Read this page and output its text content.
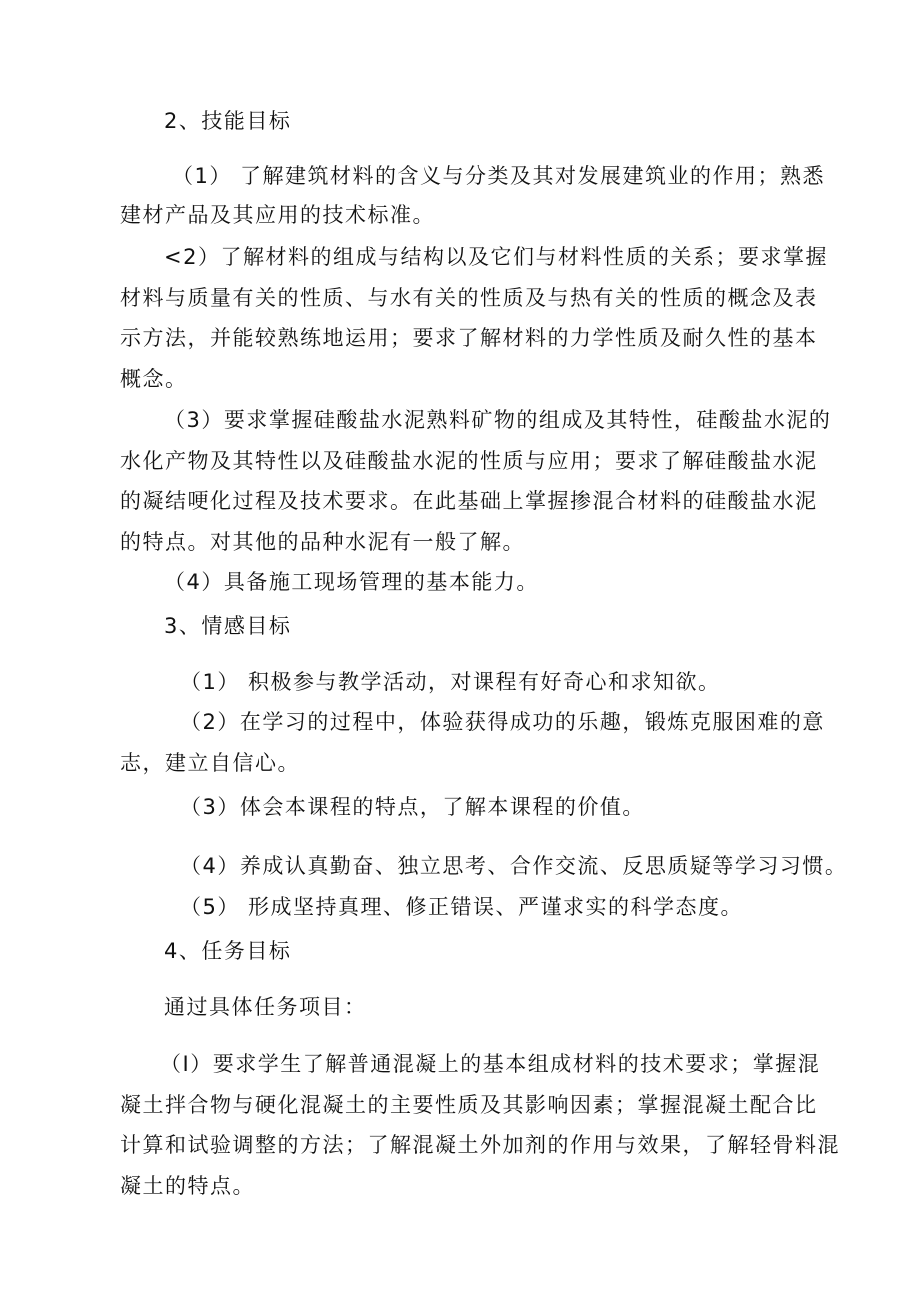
2、技能目标

（1） 了解建筑材料的含义与分类及其对发展建筑业的作用；熟悉

建材产品及其应用的技术标准。

<2）了解材料的组成与结构以及它们与材料性质的关系；要求掌握

材料与质量有关的性质、与水有关的性质及与热有关的性质的概念及表

示方法，并能较熟练地运用；要求了解材料的力学性质及耐久性的基本

概念。

（3）要求掌握硅酸盐水泥熟料矿物的组成及其特性，硅酸盐水泥的

水化产物及其特性以及硅酸盐水泥的性质与应用；要求了解硅酸盐水泥

的凝结哽化过程及技术要求。在此基础上掌握掺混合材料的硅酸盐水泥

的特点。对其他的品种水泥有一般了解。

（4）具备施工现场管理的基本能力。

3、情感目标

（1） 积极参与教学活动，对课程有好奇心和求知欲。

（2）在学习的过程中，体验获得成功的乐趣，锻炼克服困难的意

志，建立自信心。

（3）体会本课程的特点，了解本课程的价值。

（4）养成认真勤奋、独立思考、合作交流、反思质疑等学习习惯。

（5） 形成坚持真理、修正错误、严谨求实的科学态度。

4、任务目标

通过具体任务项目：

（I）要求学生了解普通混凝上的基本组成材料的技术要求；掌握混

凝土拌合物与硬化混凝土的主要性质及其影响因素；掌握混凝土配合比

计算和试验调整的方法；了解混凝土外加剂的作用与效果，了解轻骨料混

凝土的特点。
